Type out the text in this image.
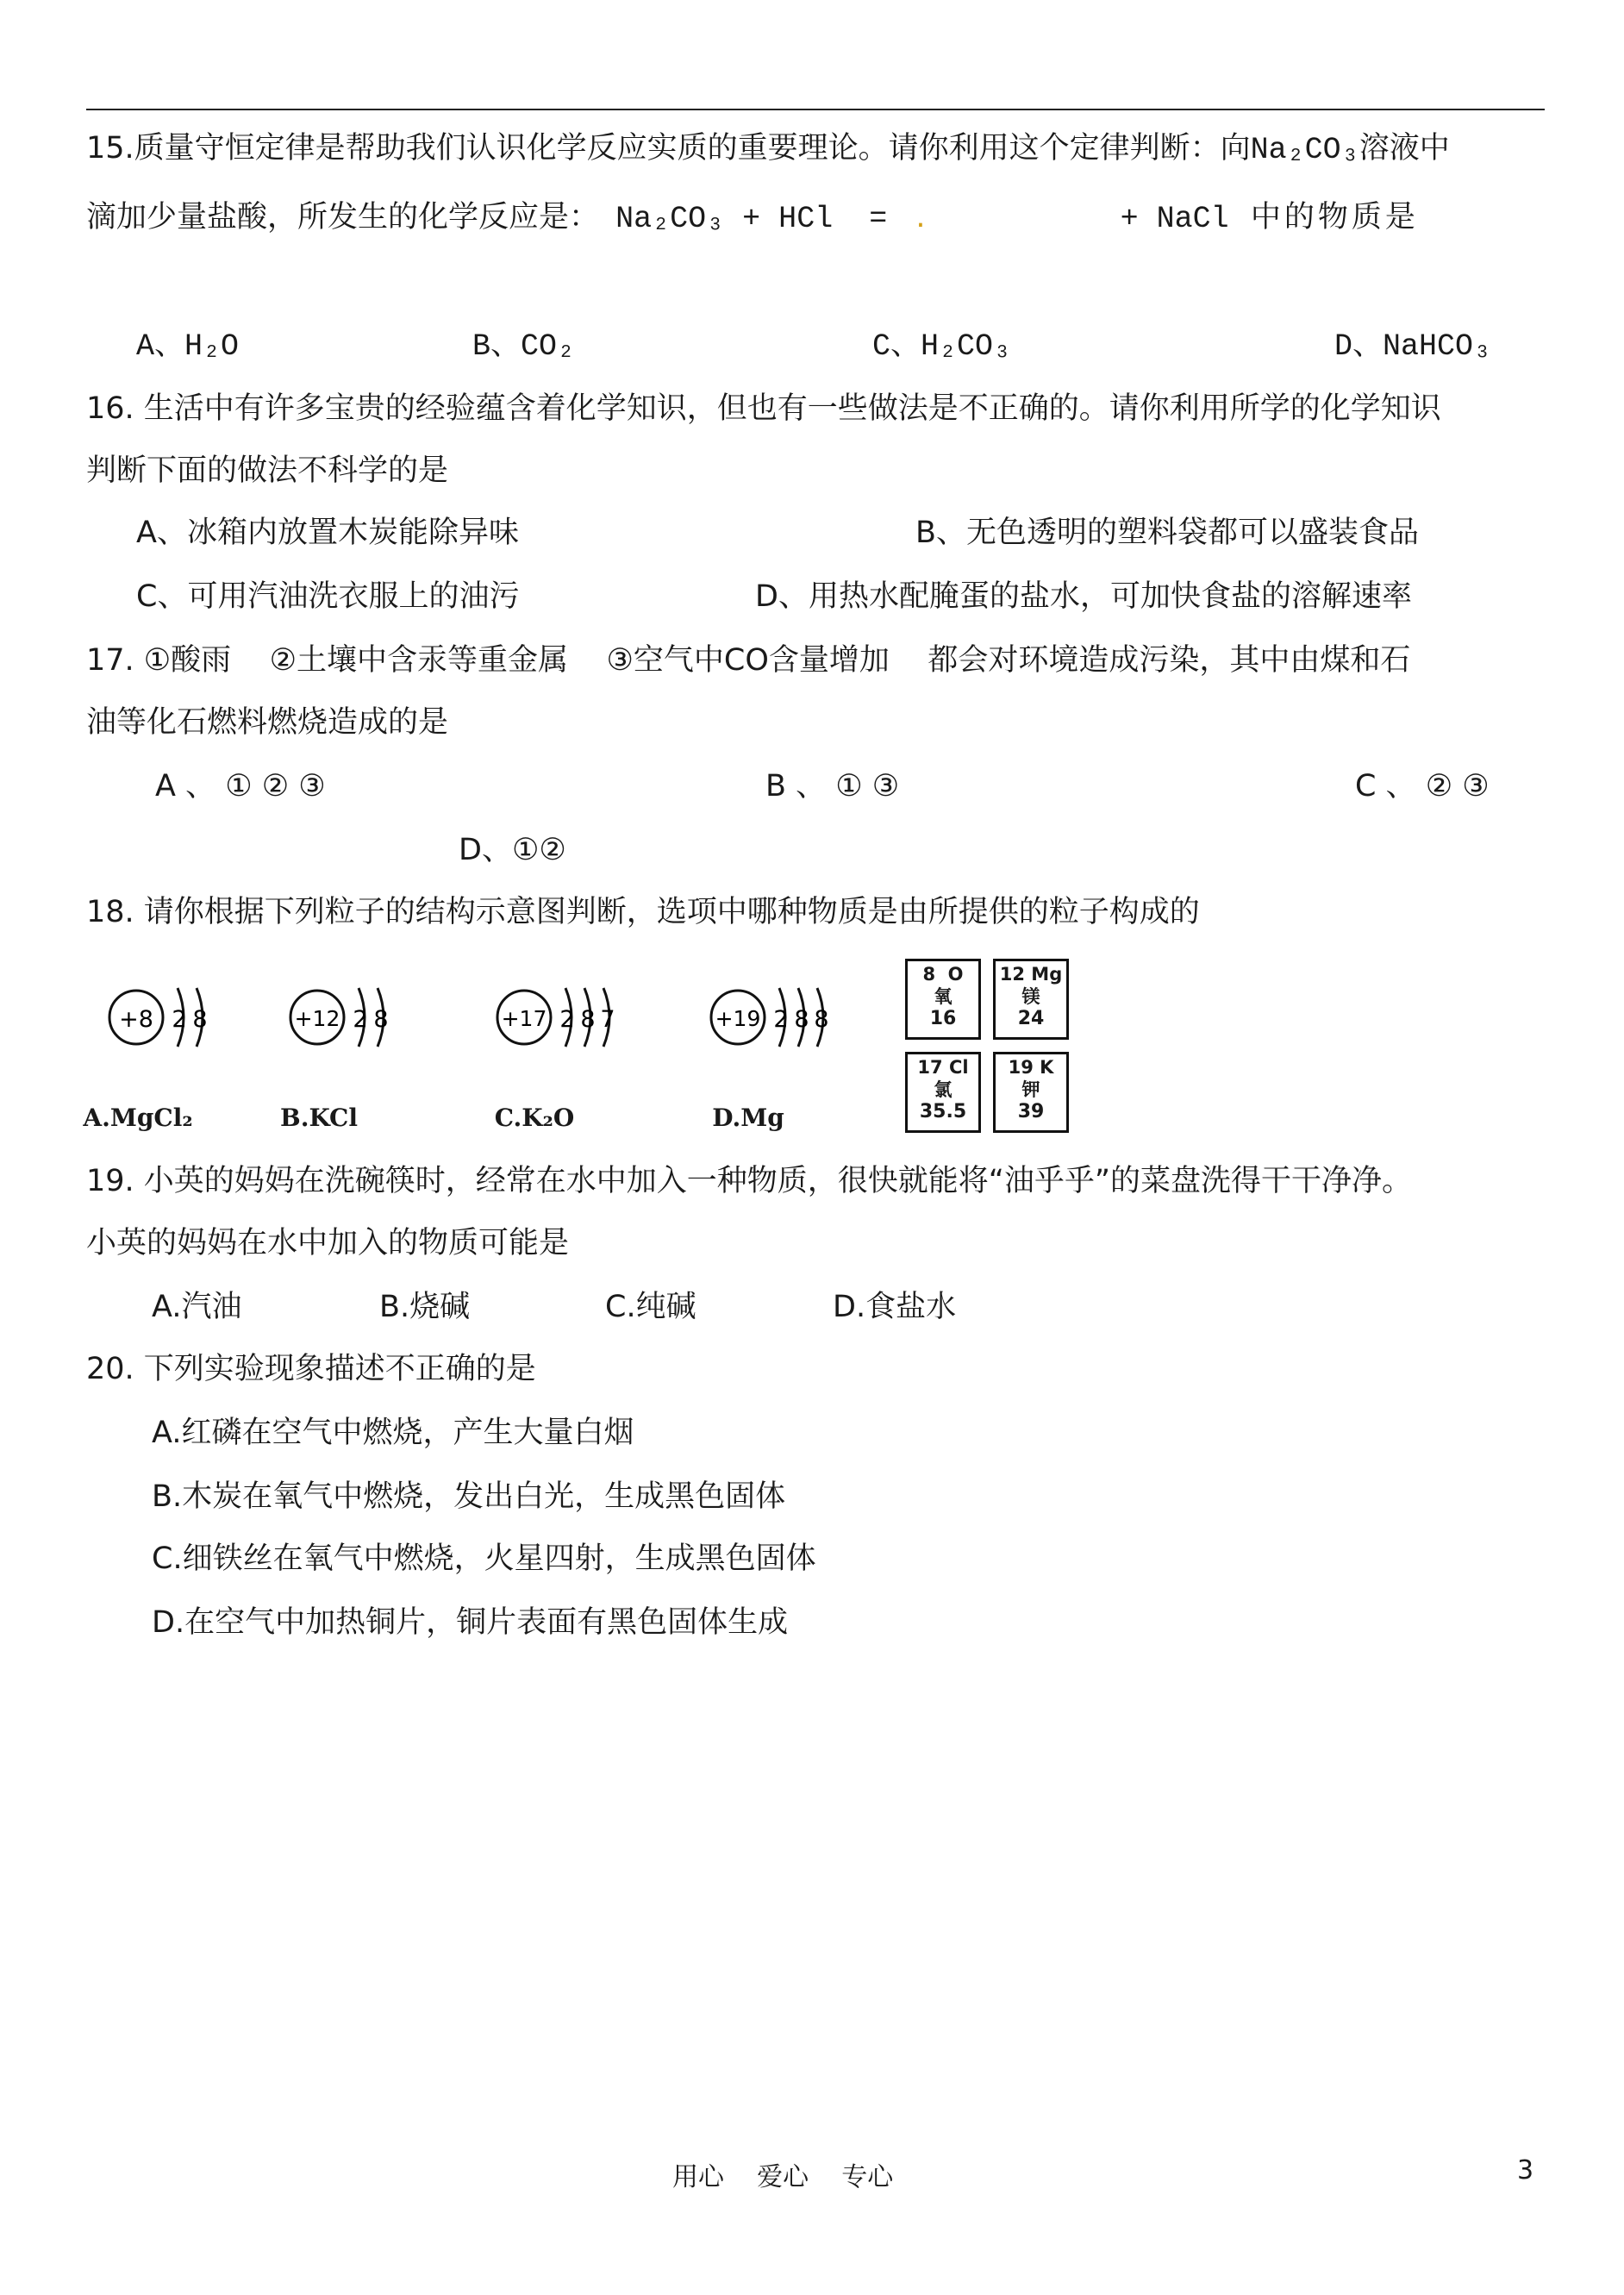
15.质量守恒定律是帮助我们认识化学反应实质的重要理论。请你利用这个定律判断：向Na₂CO₃溶液中
滴加少量盐酸，所发生的化学反应是： Na₂CO₃ + HCl  = .	+ NaCl 中的物质是
A、H₂O	B、CO₂	C、H₂CO₃	D、NaHCO₃
16. 生活中有许多宝贵的经验蕴含着化学知识，但也有一些做法是不正确的。请你利用所学的化学知识
判断下面的做法不科学的是
A、冰箱内放置木炭能除异味	B、无色透明的塑料袋都可以盛装食品
C、可用汽油洗衣服上的油污	D、用热水配腌蛋的盐水，可加快食盐的溶解速率
17. ①酸雨    ②土壤中含汞等重金属    ③空气中CO含量增加    都会对环境造成污染，其中由煤和石
油等化石燃料燃烧造成的是
A 、 ① ② ③	B 、 ① ③	C 、 ② ③
D、①②
18. 请你根据下列粒子的结构示意图判断，选项中哪种物质是由所提供的粒子构成的
+8 2 8
A.MgCl₂
+12 2 8
B.KCl
+17 2 8 7
C.K₂O
+19 2 8 8
D.Mg
8  O
氧
16
12 Mg
镁
24
17 Cl
氯
35.5
19 K
钾
39
19. 小英的妈妈在洗碗筷时，经常在水中加入一种物质，很快就能将“油乎乎”的菜盘洗得干干净净。
小英的妈妈在水中加入的物质可能是
A.汽油	B.烧碱	C.纯碱	D.食盐水
20. 下列实验现象描述不正确的是
A.红磷在空气中燃烧，产生大量白烟
B.木炭在氧气中燃烧，发出白光，生成黑色固体
C.细铁丝在氧气中燃烧，火星四射，生成黑色固体
D.在空气中加热铜片，铜片表面有黑色固体生成
用心    爱心    专心	3
